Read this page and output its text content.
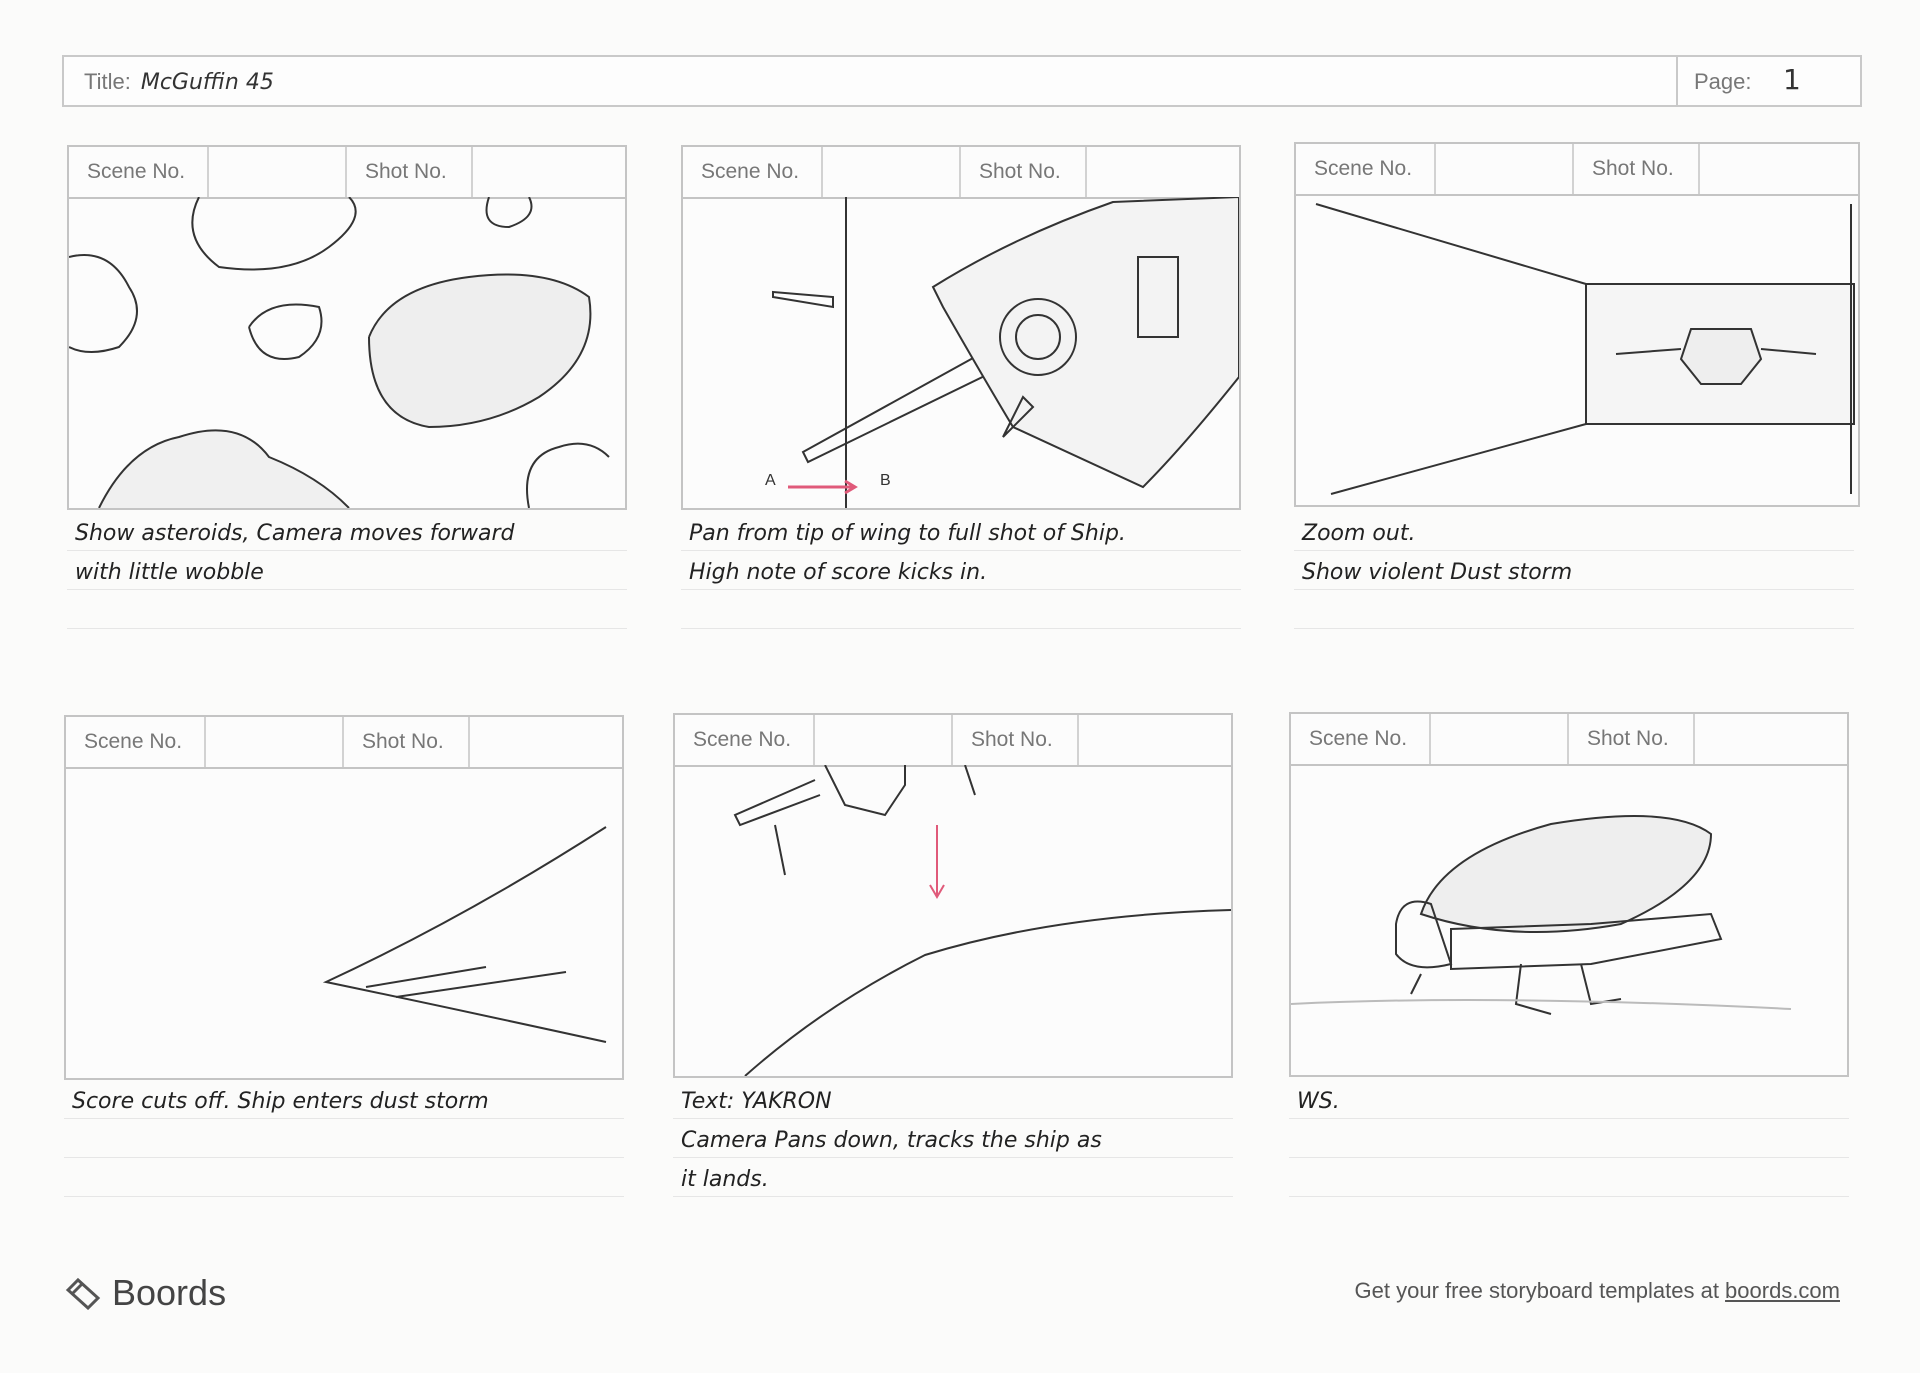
Title: McGuffin 45	Page: 1
Scene No.	Shot No.
Show asteroids, Camera moves forward
with little wobble
Scene No.	Shot No.
A	B
Pan from tip of wing to full shot of Ship.
High note of score kicks in.
Scene No.	Shot No.
Zoom out.
Show violent Dust storm
Scene No.	Shot No.
Score cuts off. Ship enters dust storm
Scene No.	Shot No.
Text: YAKRON
Camera Pans down, tracks the ship as
it lands.
Scene No.	Shot No.
WS.
Boords	Get your free storyboard templates at boords.com
